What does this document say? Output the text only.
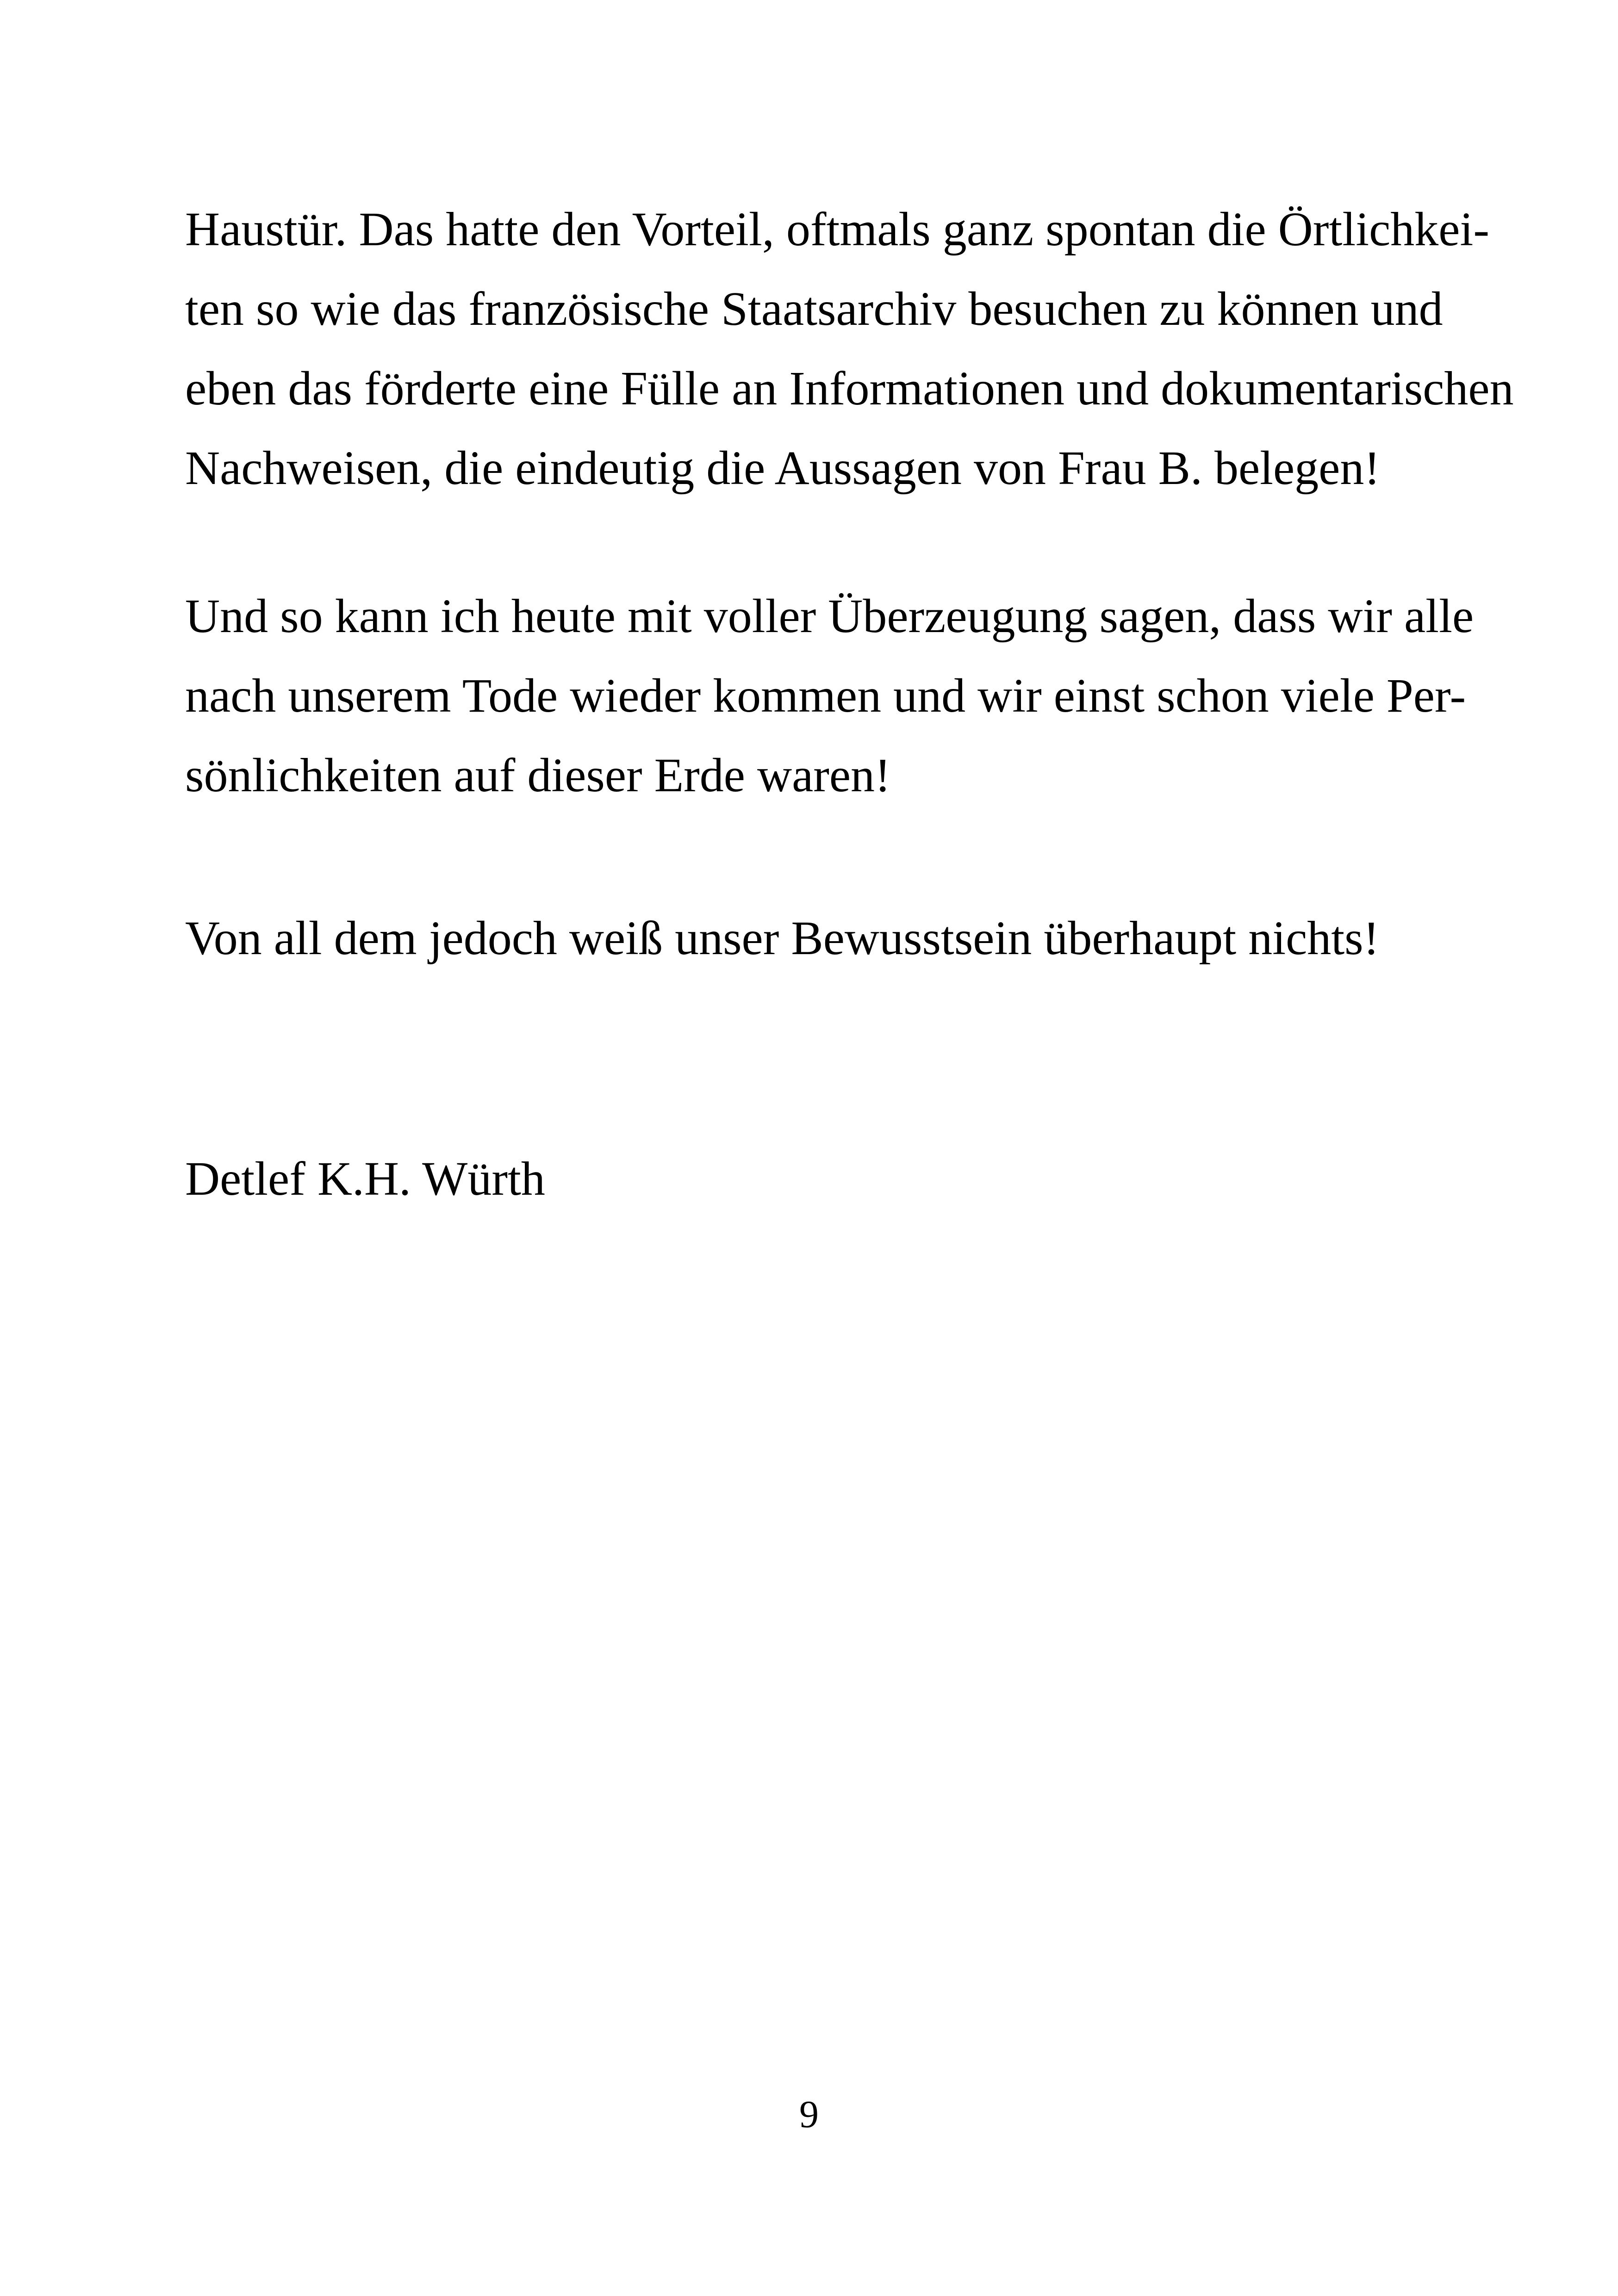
Haustür. Das hatte den Vorteil, oftmals ganz spontan die Örtlichkei-
ten so wie das französische Staatsarchiv besuchen zu können und
eben das förderte eine Fülle an Informationen und dokumentarischen
Nachweisen, die eindeutig die Aussagen von Frau B. belegen!
Und so kann ich heute mit voller Überzeugung sagen, dass wir alle
nach unserem Tode wieder kommen und wir einst schon viele Per-
sönlichkeiten auf dieser Erde waren!
Von all dem jedoch weiß unser Bewusstsein überhaupt nichts!
Detlef K.H. Würth
9
